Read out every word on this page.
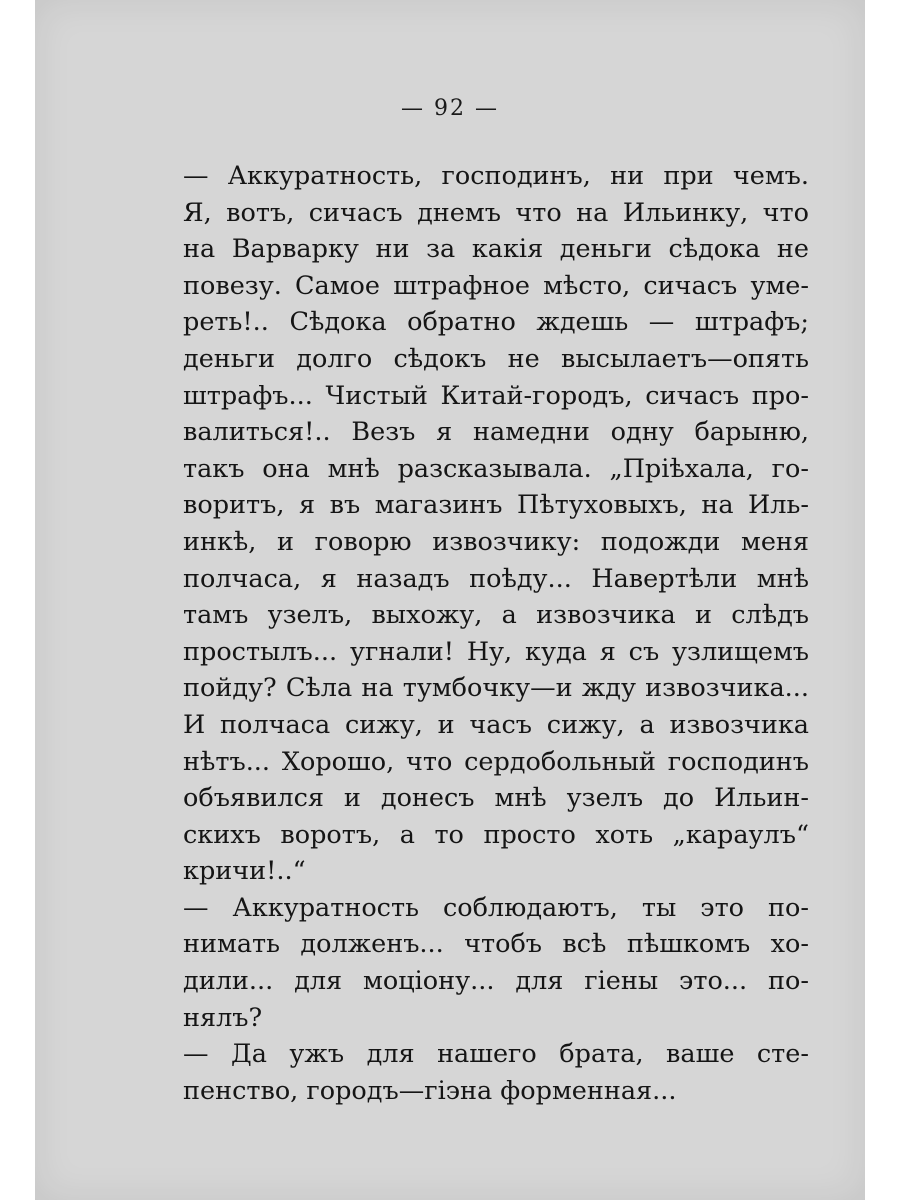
— 92 —
— Аккуратность, господинъ, ни при чемъ.
Я, вотъ, сичасъ днемъ что на Ильинку, что
на Варварку ни за какія деньги сѣдока не
повезу. Самое штрафное мѣсто, сичасъ уме-
реть!.. Сѣдока обратно ждешь — штрафъ;
деньги долго сѣдокъ не высылаетъ—опять
штрафъ... Чистый Китай-городъ, сичасъ про-
валиться!.. Везъ я намедни одну барыню,
такъ она мнѣ разсказывала. „Пріѣхала, го-
воритъ, я въ магазинъ Пѣтуховыхъ, на Иль-
инкѣ, и говорю извозчику: подожди меня
полчаса, я назадъ поѣду... Навертѣли мнѣ
тамъ узелъ, выхожу, а извозчика и слѣдъ
простылъ... угнали! Ну, куда я съ узлищемъ
пойду? Сѣла на тумбочку—и жду извозчика...
И полчаса сижу, и часъ сижу, а извозчика
нѣтъ... Хорошо, что сердобольный господинъ
объявился и донесъ мнѣ узелъ до Ильин-
скихъ воротъ, а то просто хоть „караулъ“
кричи!..“
— Аккуратность соблюдаютъ, ты это по-
нимать долженъ... чтобъ всѣ пѣшкомъ хо-
дили... для моціону... для гіены это... по-
нялъ?
— Да ужъ для нашего брата, ваше сте-
пенство, городъ—гіэна форменная...
